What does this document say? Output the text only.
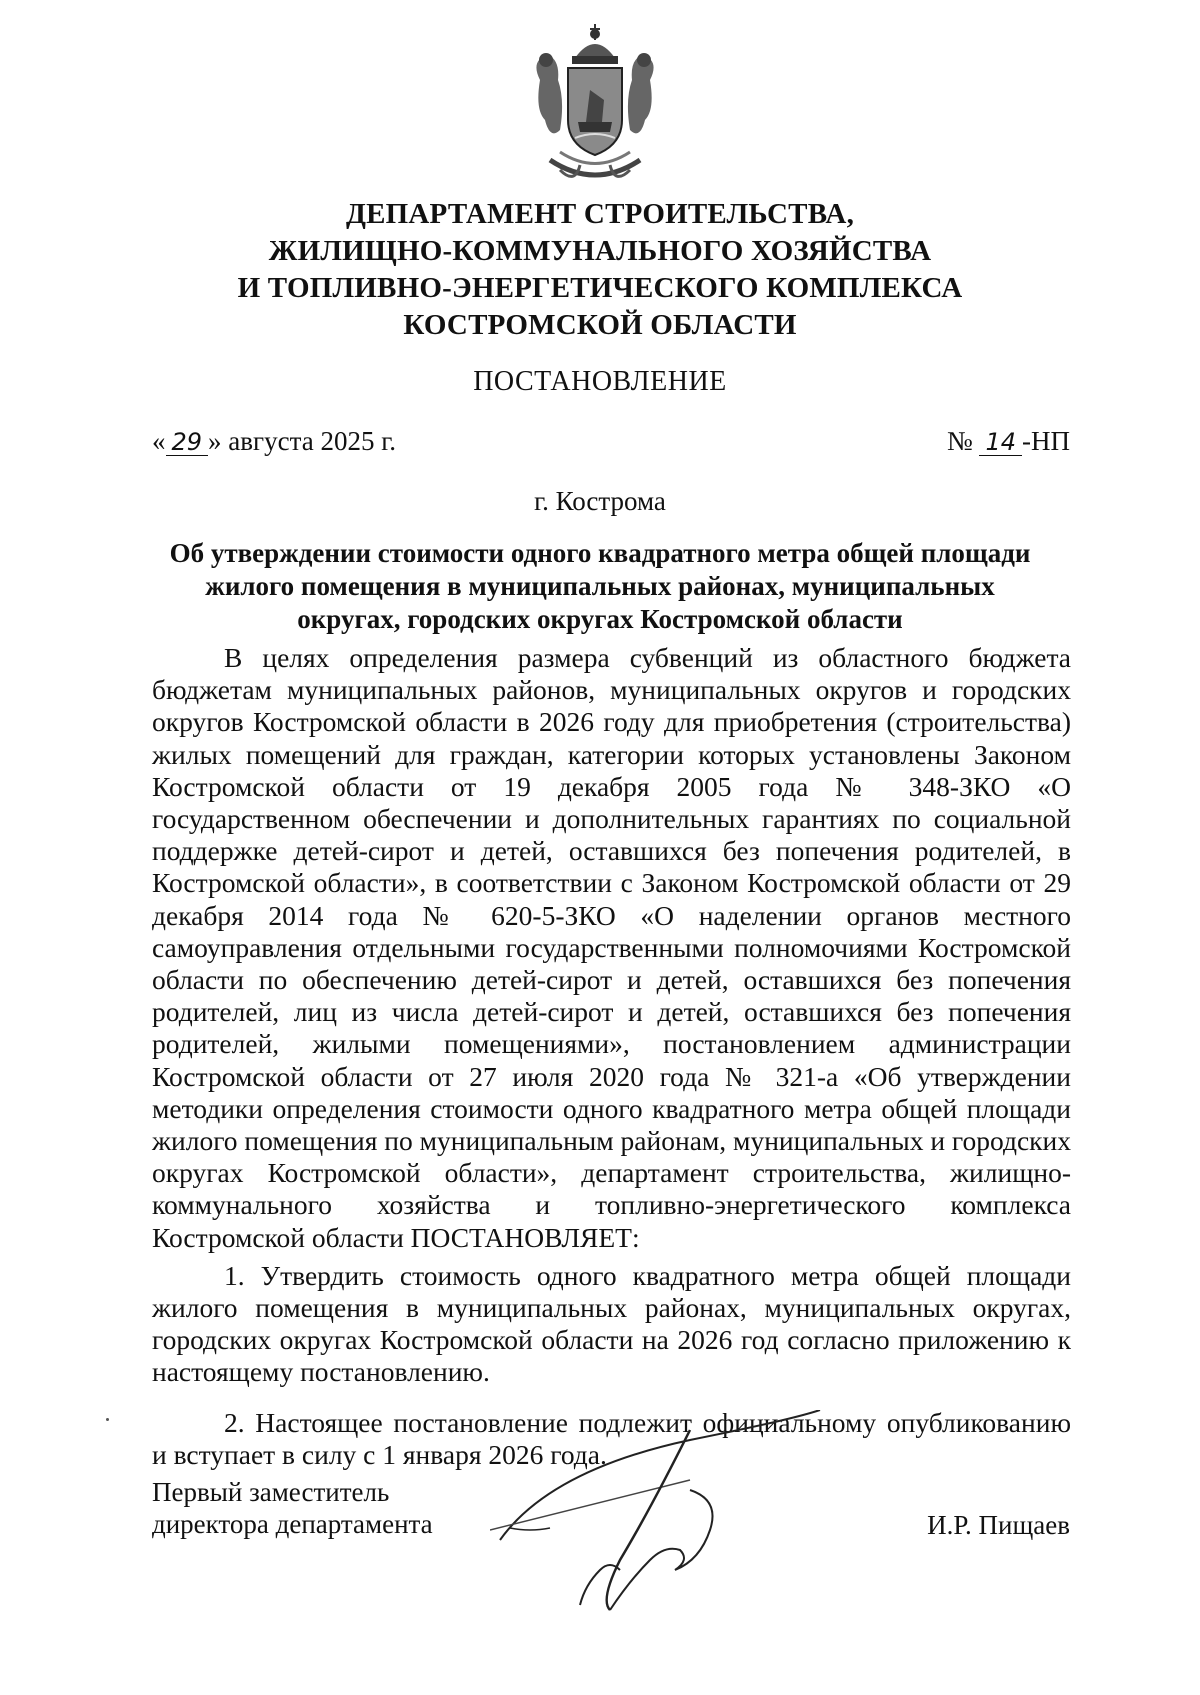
ДЕПАРТАМЕНТ СТРОИТЕЛЬСТВА,
ЖИЛИЩНО-КОММУНАЛЬНОГО ХОЗЯЙСТВА
И ТОПЛИВНО-ЭНЕРГЕТИЧЕСКОГО КОМПЛЕКСА
КОСТРОМСКОЙ ОБЛАСТИ
ПОСТАНОВЛЕНИЕ
« 29 » августа 2025 г.	№ 14 -НП
г. Кострома
Об утверждении стоимости одного квадратного метра общей площади
жилого помещения в муниципальных районах, муниципальных
округах, городских округах Костромской области

В целях определения размера субвенций из областного бюджета бюджетам муниципальных районов, муниципальных округов и городских округов Костромской области в 2026 году для приобретения (строительства) жилых помещений для граждан, категории которых установлены Законом Костромской области от 19 декабря 2005 года № 348-ЗКО «О государственном обеспечении и дополнительных гарантиях по социальной поддержке детей-сирот и детей, оставшихся без попечения родителей, в Костромской области», в соответствии с Законом Костромской области от 29 декабря 2014 года № 620-5-ЗКО «О наделении органов местного самоуправления отдельными государственными полномочиями Костромской области по обеспечению детей-сирот и детей, оставшихся без попечения родителей, лиц из числа детей-сирот и детей, оставшихся без попечения родителей, жилыми помещениями», постановлением администрации Костромской области от 27 июля 2020 года № 321-а «Об утверждении методики определения стоимости одного квадратного метра общей площади жилого помещения по муниципальным районам, муниципальных и городских округах Костромской области», департамент строительства, жилищно-коммунального хозяйства и топливно-энергетического комплекса Костромской области ПОСТАНОВЛЯЕТ:

1. Утвердить стоимость одного квадратного метра общей площади жилого помещения в муниципальных районах, муниципальных округах, городских округах Костромской области на 2026 год согласно приложению к настоящему постановлению.

2. Настоящее постановление подлежит официальному опубликованию и вступает в силу с 1 января 2026 года.

Первый заместитель
директора департамента	И.Р. Пищаев
